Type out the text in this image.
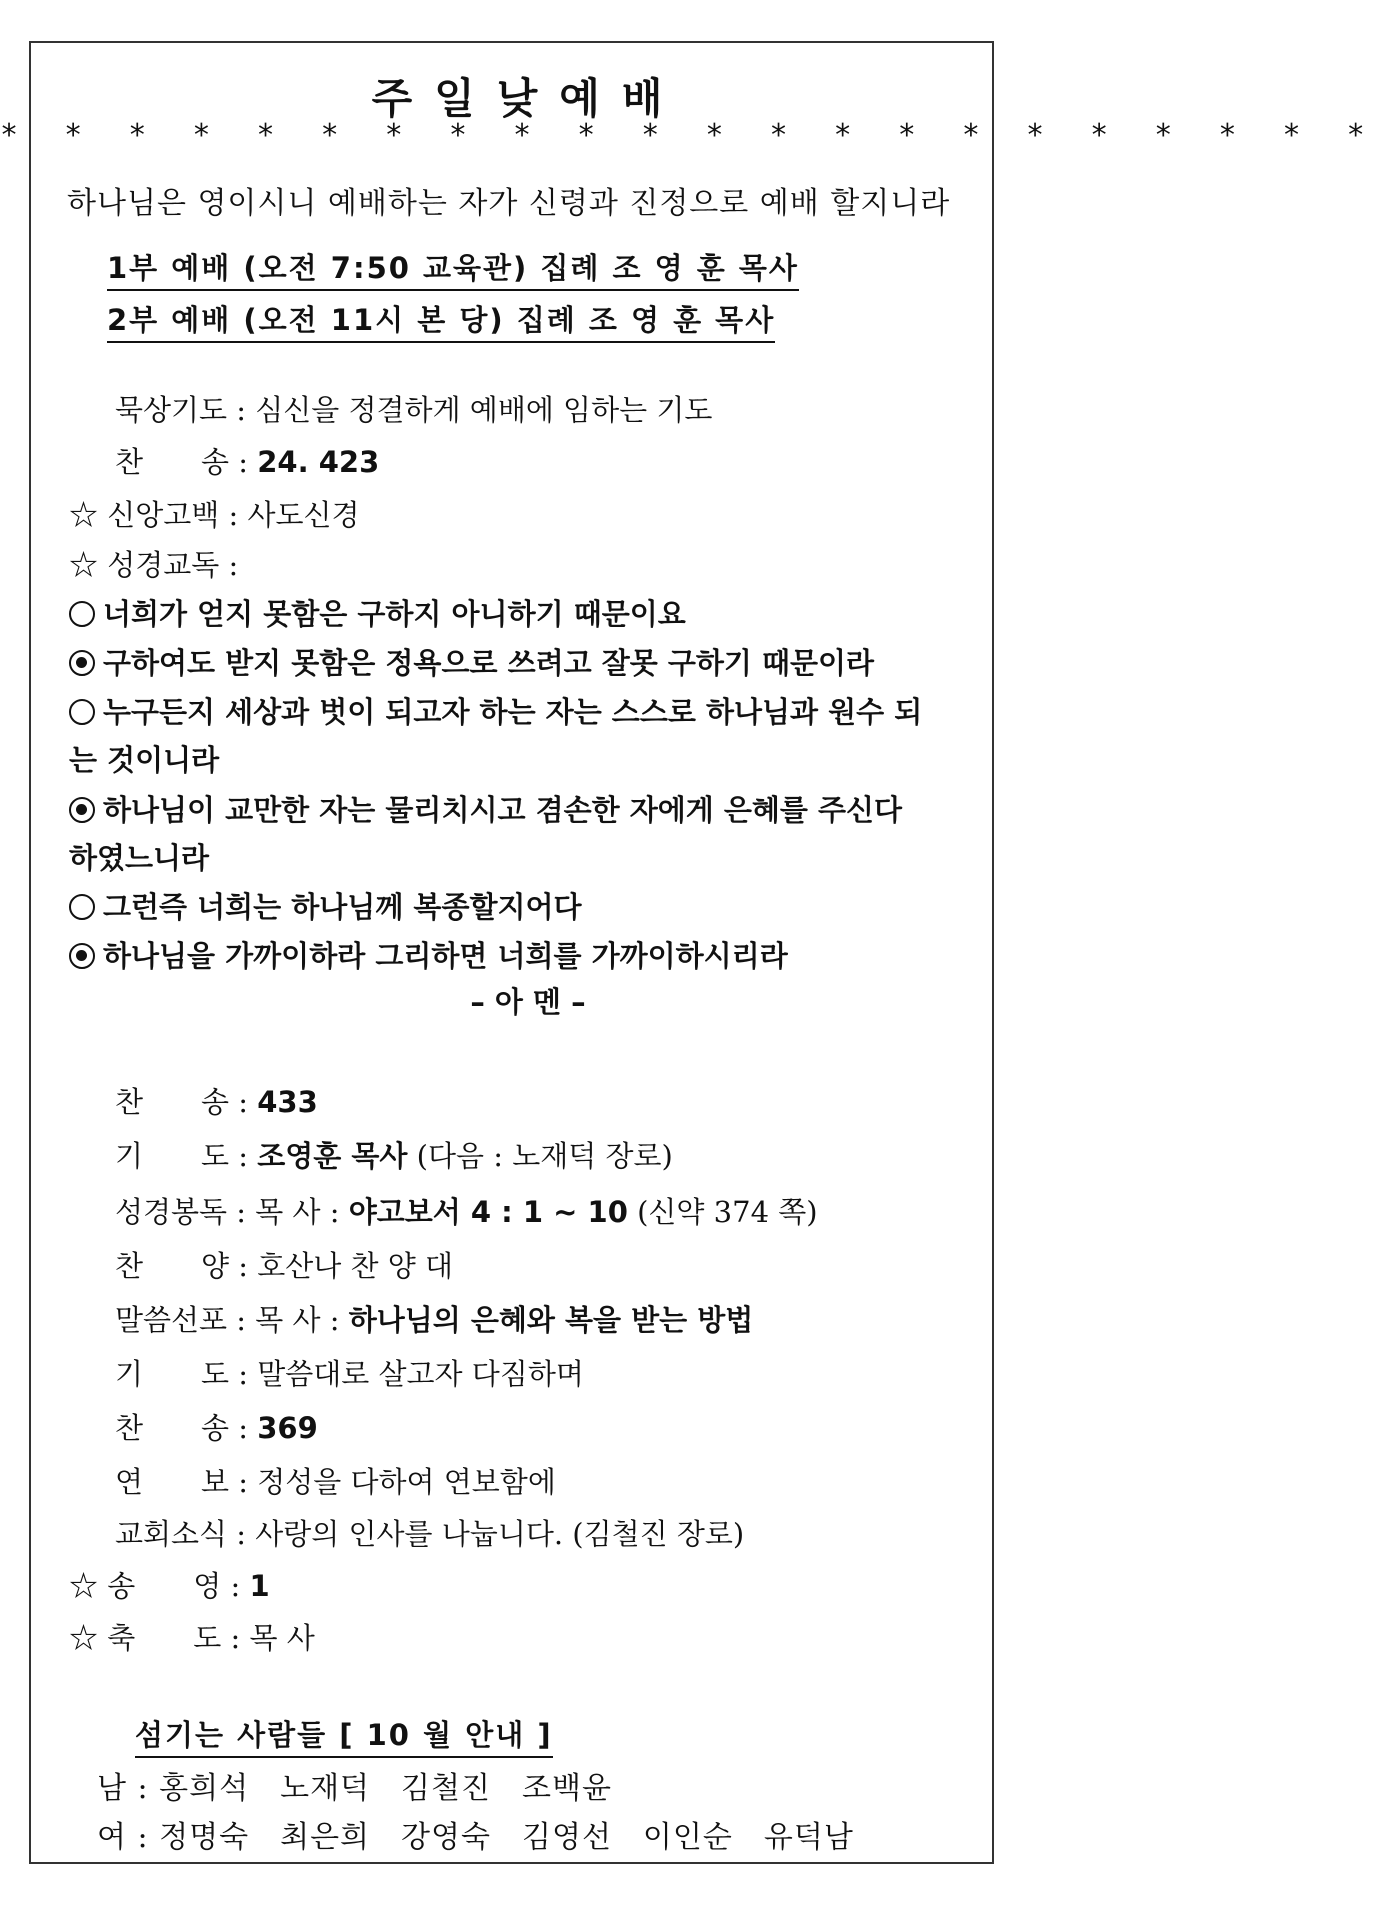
주일낮예배
* * * * * * * * * * * * * * * * * * * * * *
하나님은 영이시니 예배하는 자가 신령과 진정으로 예배 할지니라
1부 예배 (오전 7:50 교육관) 집례 조 영 훈 목사
2부 예배 (오전 11시 본 당) 집례 조 영 훈 목사
묵상기도 : 심신을 정결하게 예배에 임하는 기도
찬　　송 : 24. 423
☆ 신앙고백 : 사도신경
☆ 성경교독 :
너희가 얻지 못함은 구하지 아니하기 때문이요
구하여도 받지 못함은 정욕으로 쓰려고 잘못 구하기 때문이라
누구든지 세상과 벗이 되고자 하는 자는 스스로 하나님과 원수 되
는 것이니라
하나님이 교만한 자는 물리치시고 겸손한 자에게 은혜를 주신다
하였느니라
그런즉 너희는 하나님께 복종할지어다
하나님을 가까이하라 그리하면 너희를 가까이하시리라
– 아 멘 –
찬　　송 : 433
기　　도 : 조영훈 목사 (다음 : 노재덕 장로)
성경봉독 : 목 사 : 야고보서 4 : 1 ~ 10 (신약 374 쪽)
찬　　양 : 호산나 찬 양 대
말씀선포 : 목 사 : 하나님의 은혜와 복을 받는 방법
기　　도 : 말씀대로 살고자 다짐하며
찬　　송 : 369
연　　보 : 정성을 다하여 연보함에
교회소식 : 사랑의 인사를 나눕니다. (김철진 장로)
☆ 송　　영 : 1
☆ 축　　도 : 목 사
섬기는 사람들 [ 10 월 안내 ]
남 : 홍희석　노재덕　김철진　조백윤
여 : 정명숙　최은희　강영숙　김영선　이인순　유덕남
